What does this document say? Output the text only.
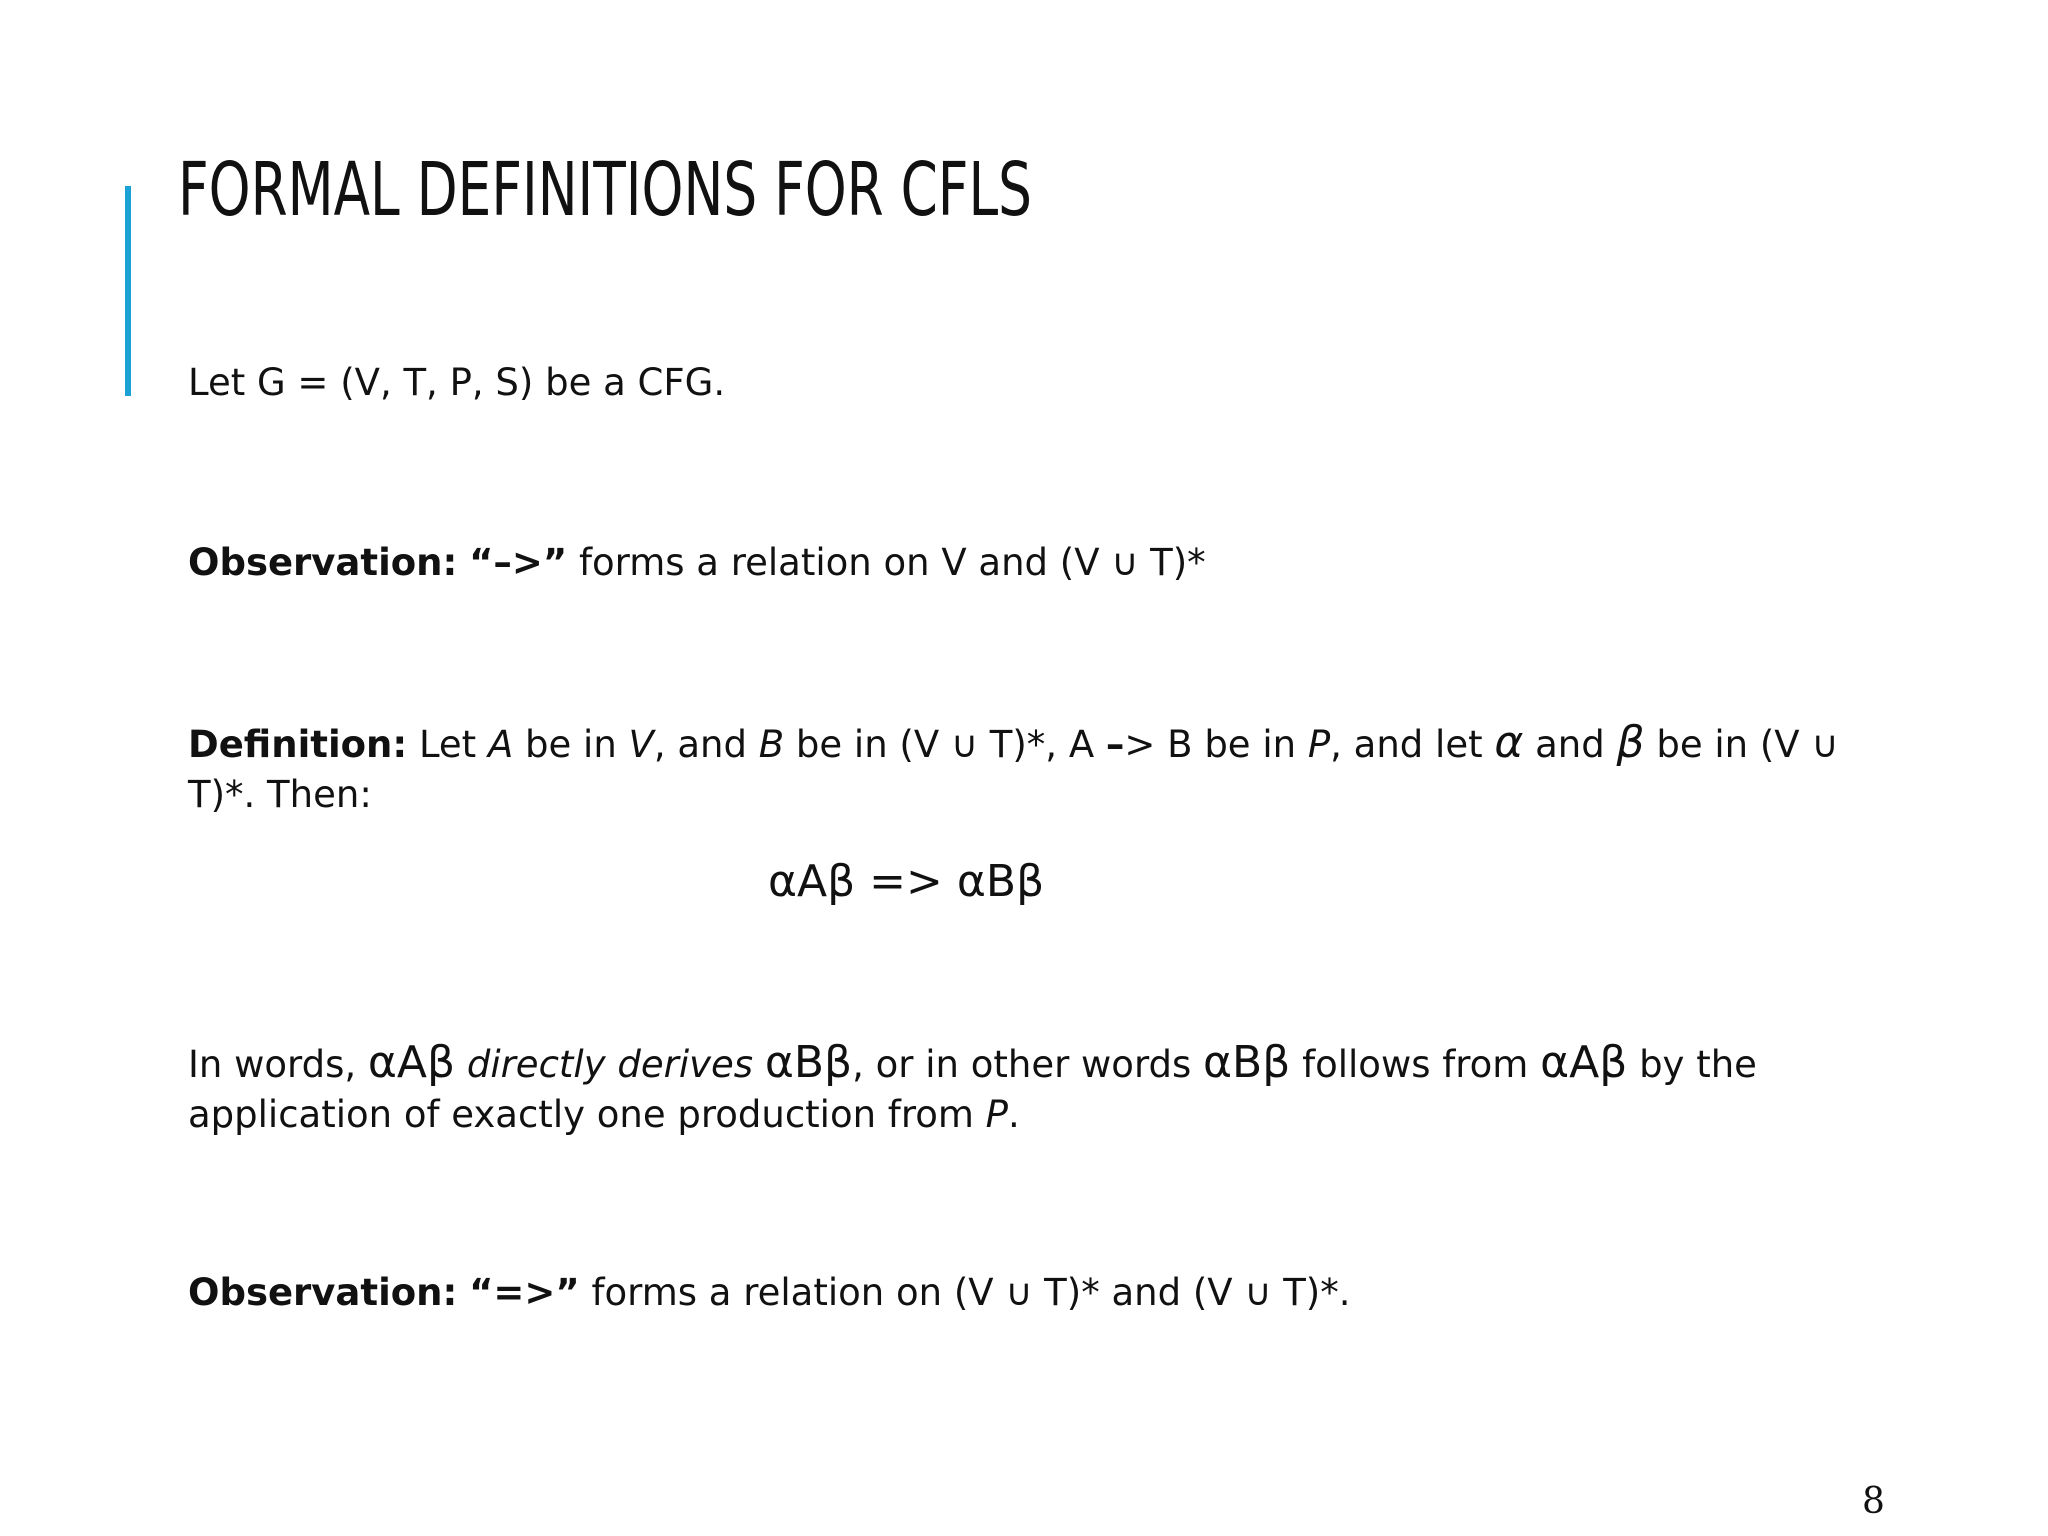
FORMAL DEFINITIONS FOR CFLS
Let G = (V, T, P, S) be a CFG.
Observation: “–>” forms a relation on V and (V ∪ T)*
Definition: Let A be in V, and B be in (V ∪ T)*, A –> B be in P, and let α and β be in (V ∪ T)*. Then:
αAβ => αBβ
In words, αAβ directly derives αBβ, or in other words αBβ follows from αAβ by the application of exactly one production from P.
Observation: “=>” forms a relation on (V ∪ T)* and (V ∪ T)*.
8
